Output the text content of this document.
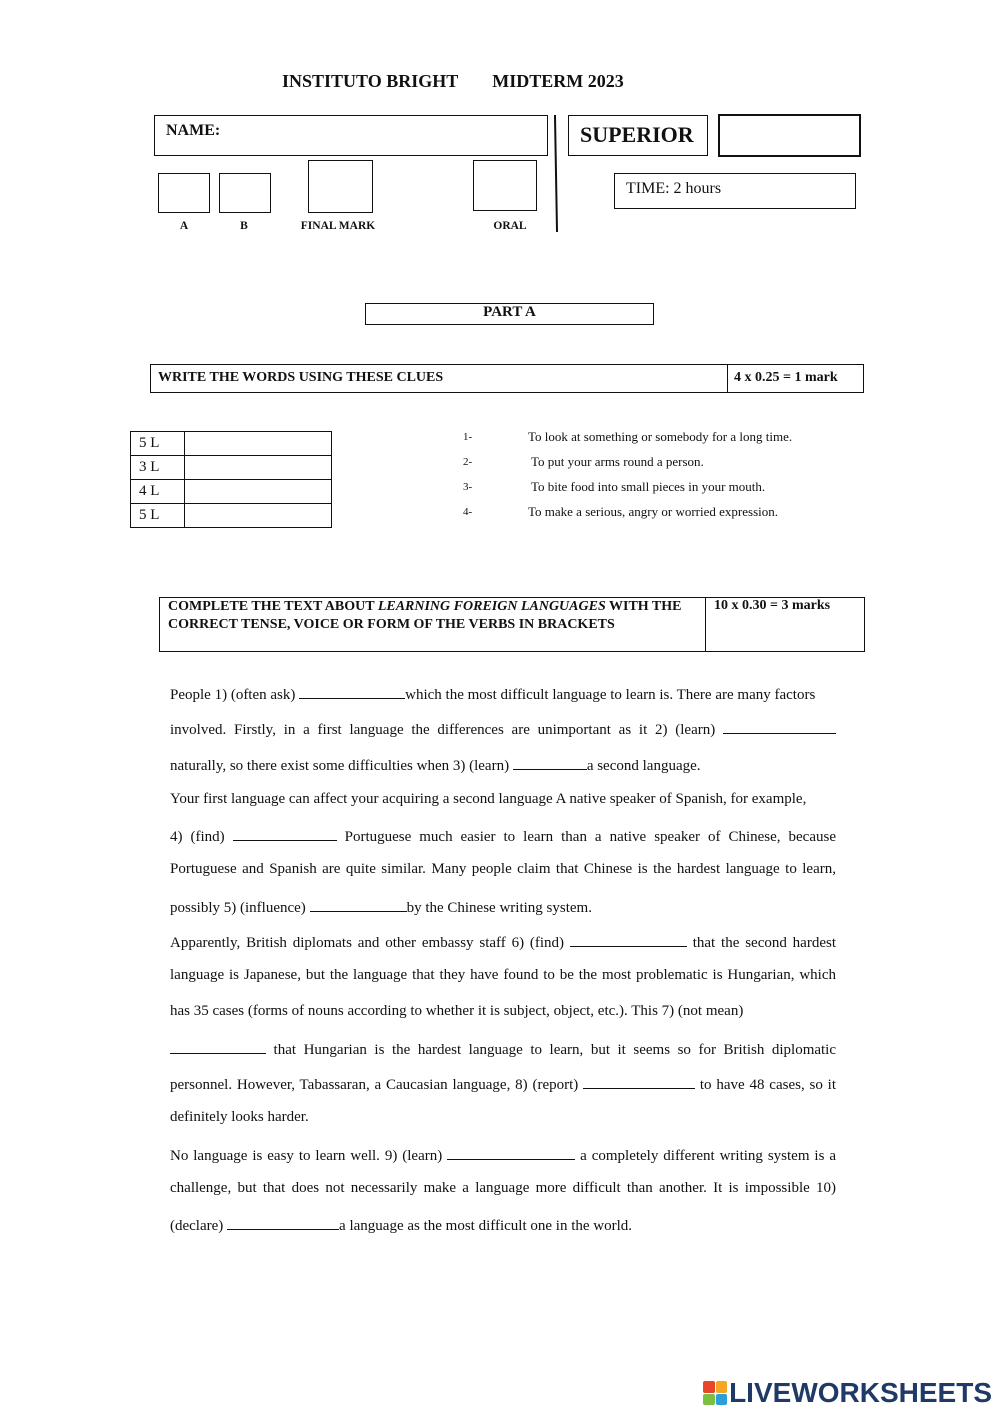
INSTITUTO BRIGHT MIDTERM 2023
NAME:	SUPERIOR
TIME: 2 hours
A	B	FINAL MARK	ORAL
PART A
WRITE THE WORDS USING THESE CLUES	4 x 0.25 = 1 mark
5 L	
3 L	
4 L	
5 L	
1-	To look at something or somebody for a long time.
2-	To put your arms round a person.
3-	To bite food into small pieces in your mouth.
4-	To make a serious, angry or worried expression.
COMPLETE THE TEXT ABOUT LEARNING FOREIGN LANGUAGES WITH THE CORRECT TENSE, VOICE OR FORM OF THE VERBS IN BRACKETS
10 x 0.30 = 3 marks
People 1) (often ask)	which the most difficult language to learn is. There are many factors
involved. Firstly, in a first language the differences are unimportant as it 2) (learn)
naturally, so there exist some difficulties when 3) (learn)	a second language.
Your first language can affect your acquiring a second language A native speaker of Spanish, for example,
4) (find)	Portuguese much easier to learn than a native speaker of Chinese, because
Portuguese and Spanish are quite similar. Many people claim that Chinese is the hardest language to learn,
possibly 5) (influence)	by the Chinese writing system.
Apparently, British diplomats and other embassy staff 6) (find)	that the second hardest
language is Japanese, but the language that they have found to be the most problematic is Hungarian, which
has 35 cases (forms of nouns according to whether it is subject, object, etc.). This 7) (not mean)
that Hungarian is the hardest language to learn, but it seems so for British diplomatic
personnel. However, Tabassaran, a Caucasian language, 8) (report)	to have 48 cases, so it
definitely looks harder.
No language is easy to learn well. 9) (learn)	a completely different writing system is a
challenge, but that does not necessarily make a language more difficult than another. It is impossible 10)
(declare)	a language as the most difficult one in the world.
LIVEWORKSHEETS
